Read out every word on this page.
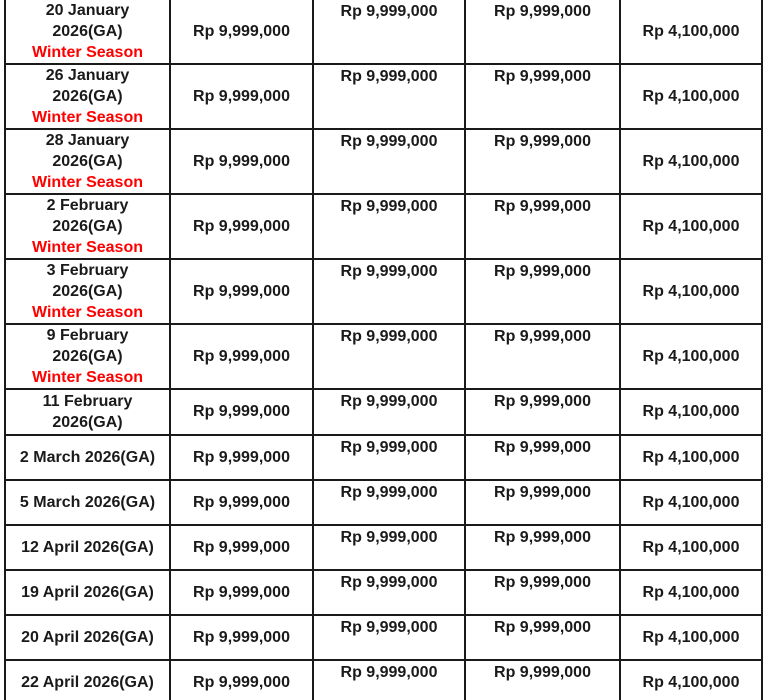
20 January
2026(GA)
Winter Season	Rp 9,999,000	Rp 9,999,000	Rp 9,999,000	Rp 4,100,000

26 January
2026(GA)
Winter Season	Rp 9,999,000	Rp 9,999,000	Rp 9,999,000	Rp 4,100,000

28 January
2026(GA)
Winter Season	Rp 9,999,000	Rp 9,999,000	Rp 9,999,000	Rp 4,100,000

2 February
2026(GA)
Winter Season	Rp 9,999,000	Rp 9,999,000	Rp 9,999,000	Rp 4,100,000

3 February
2026(GA)
Winter Season	Rp 9,999,000	Rp 9,999,000	Rp 9,999,000	Rp 4,100,000

9 February
2026(GA)
Winter Season	Rp 9,999,000	Rp 9,999,000	Rp 9,999,000	Rp 4,100,000

11 February
2026(GA)	Rp 9,999,000	Rp 9,999,000	Rp 9,999,000	Rp 4,100,000

2 March 2026(GA)	Rp 9,999,000	Rp 9,999,000	Rp 9,999,000	Rp 4,100,000

5 March 2026(GA)	Rp 9,999,000	Rp 9,999,000	Rp 9,999,000	Rp 4,100,000

12 April 2026(GA)	Rp 9,999,000	Rp 9,999,000	Rp 9,999,000	Rp 4,100,000

19 April 2026(GA)	Rp 9,999,000	Rp 9,999,000	Rp 9,999,000	Rp 4,100,000

20 April 2026(GA)	Rp 9,999,000	Rp 9,999,000	Rp 9,999,000	Rp 4,100,000

22 April 2026(GA)	Rp 9,999,000	Rp 9,999,000	Rp 9,999,000	Rp 4,100,000
